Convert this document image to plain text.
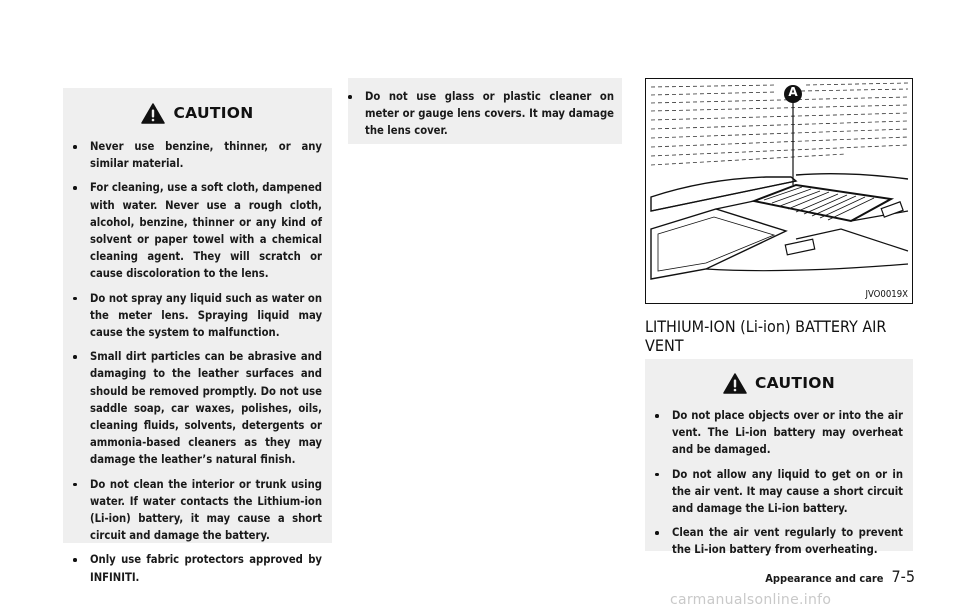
CAUTION
Never use benzine, thinner, or any similar material.
For cleaning, use a soft cloth, dampened with water. Never use a rough cloth, alcohol, benzine, thinner or any kind of solvent or paper towel with a chemical cleaning agent. They will scratch or cause discoloration to the lens.
Do not spray any liquid such as water on the meter lens. Spraying liquid may cause the system to malfunction.
Small dirt particles can be abrasive and damaging to the leather surfaces and should be removed promptly. Do not use saddle soap, car waxes, polishes, oils, cleaning fluids, solvents, detergents or ammonia-based cleaners as they may damage the leather’s natural finish.
Do not clean the interior or trunk using water. If water contacts the Lithium-ion (Li-ion) battery, it may cause a short circuit and damage the battery.
Only use fabric protectors approved by INFINITI.
Do not use glass or plastic cleaner on meter or gauge lens covers. It may damage the lens cover.
A
JVO0019X
LITHIUM-ION (Li-ion) BATTERY AIR VENT
CAUTION
Do not place objects over or into the air vent. The Li-ion battery may overheat and be damaged.
Do not allow any liquid to get on or in the air vent. It may cause a short circuit and damage the Li-ion battery.
Clean the air vent regularly to prevent the Li-ion battery from overheating.
Appearance and care 7-5
carmanualsonline.info
